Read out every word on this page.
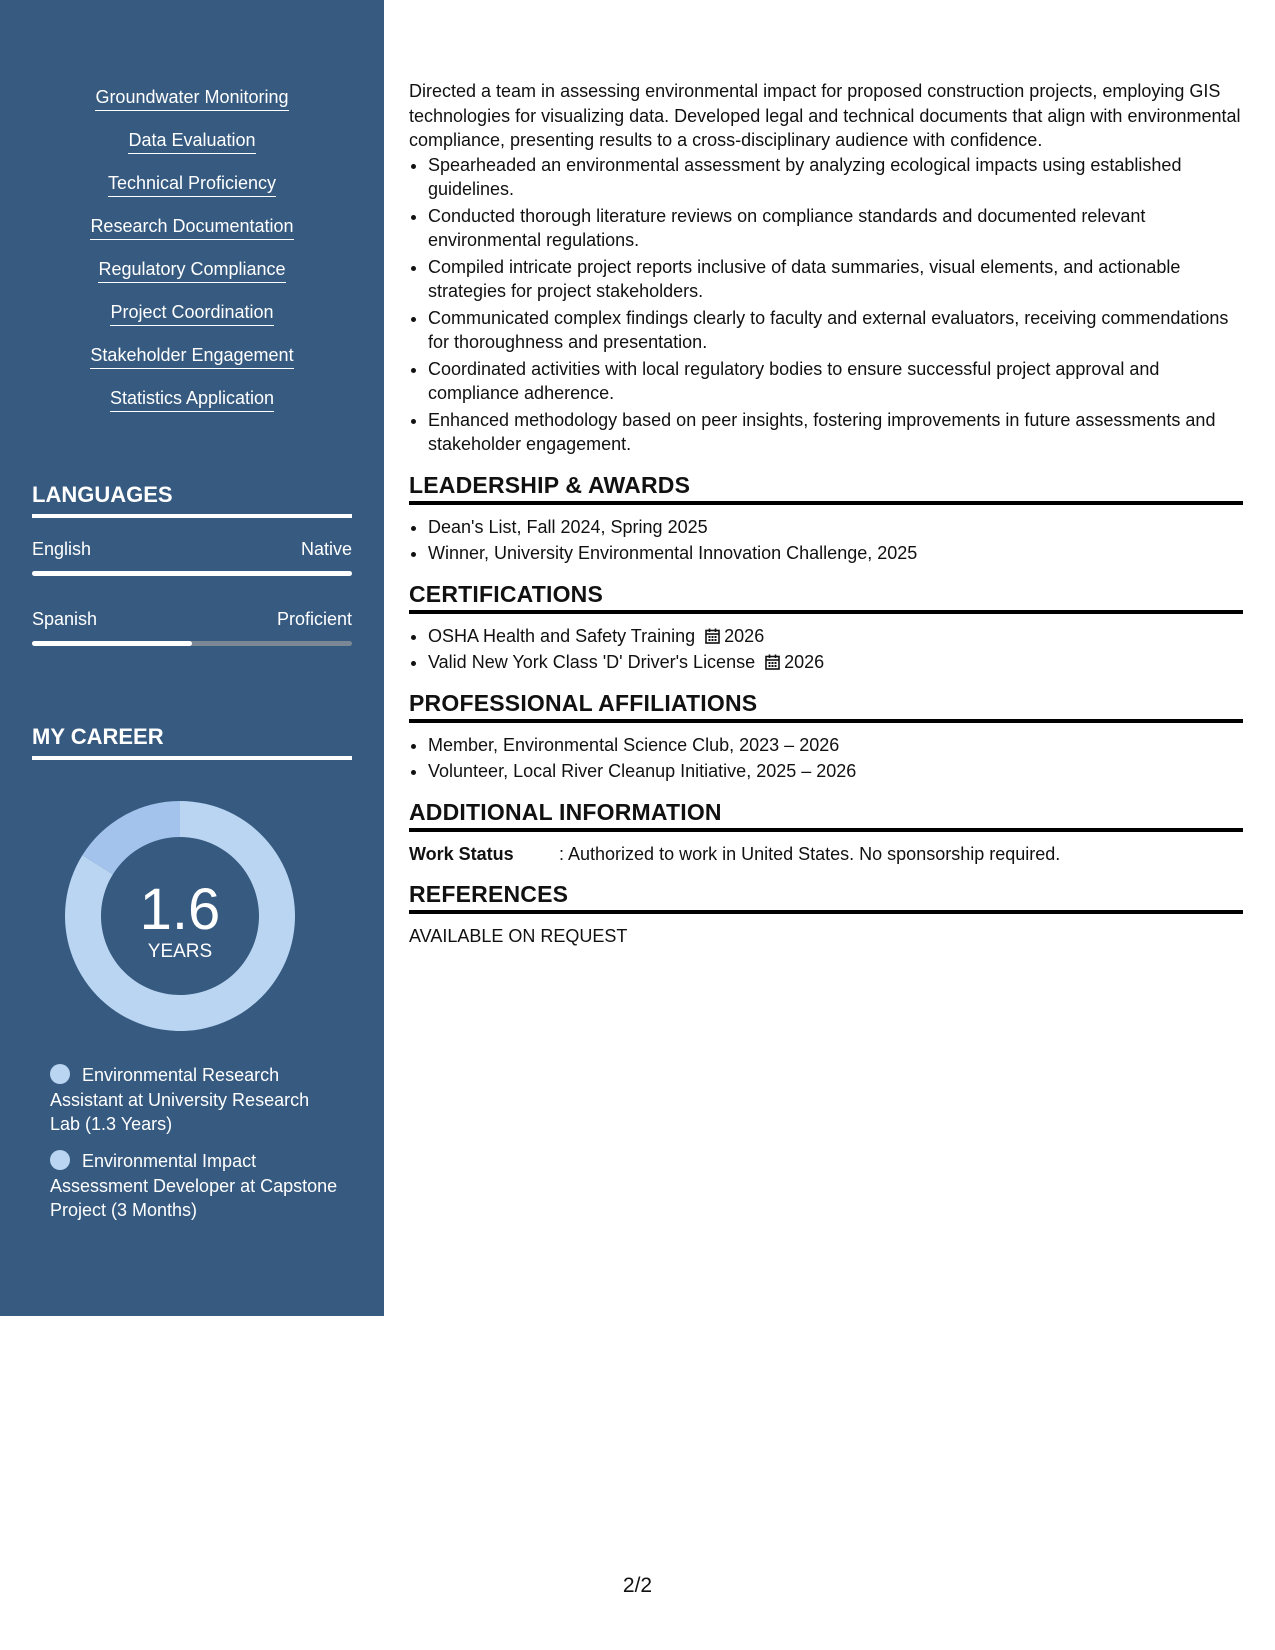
Groundwater Monitoring
Data Evaluation
Technical Proficiency
Research Documentation
Regulatory Compliance
Project Coordination
Stakeholder Engagement
Statistics Application
LANGUAGES
English	Native
Spanish	Proficient
MY CAREER
1.6
YEARS
Environmental Research Assistant at University Research Lab (1.3 Years)
Environmental Impact Assessment Developer at Capstone Project (3 Months)

Directed a team in assessing environmental impact for proposed construction projects, employing GIS technologies for visualizing data. Developed legal and technical documents that align with environmental compliance, presenting results to a cross-disciplinary audience with confidence.

• Spearheaded an environmental assessment by analyzing ecological impacts using established guidelines.
• Conducted thorough literature reviews on compliance standards and documented relevant environmental regulations.
• Compiled intricate project reports inclusive of data summaries, visual elements, and actionable strategies for project stakeholders.
• Communicated complex findings clearly to faculty and external evaluators, receiving commendations for thoroughness and presentation.
• Coordinated activities with local regulatory bodies to ensure successful project approval and compliance adherence.
• Enhanced methodology based on peer insights, fostering improvements in future assessments and stakeholder engagement.
LEADERSHIP & AWARDS
• Dean's List, Fall 2024, Spring 2025
• Winner, University Environmental Innovation Challenge, 2025
CERTIFICATIONS
• OSHA Health and Safety Training 2026
• Valid New York Class 'D' Driver's License 2026
PROFESSIONAL AFFILIATIONS
• Member, Environmental Science Club, 2023 – 2026
• Volunteer, Local River Cleanup Initiative, 2025 – 2026
ADDITIONAL INFORMATION
Work Status	: Authorized to work in United States. No sponsorship required.
REFERENCES
AVAILABLE ON REQUEST
2/2
